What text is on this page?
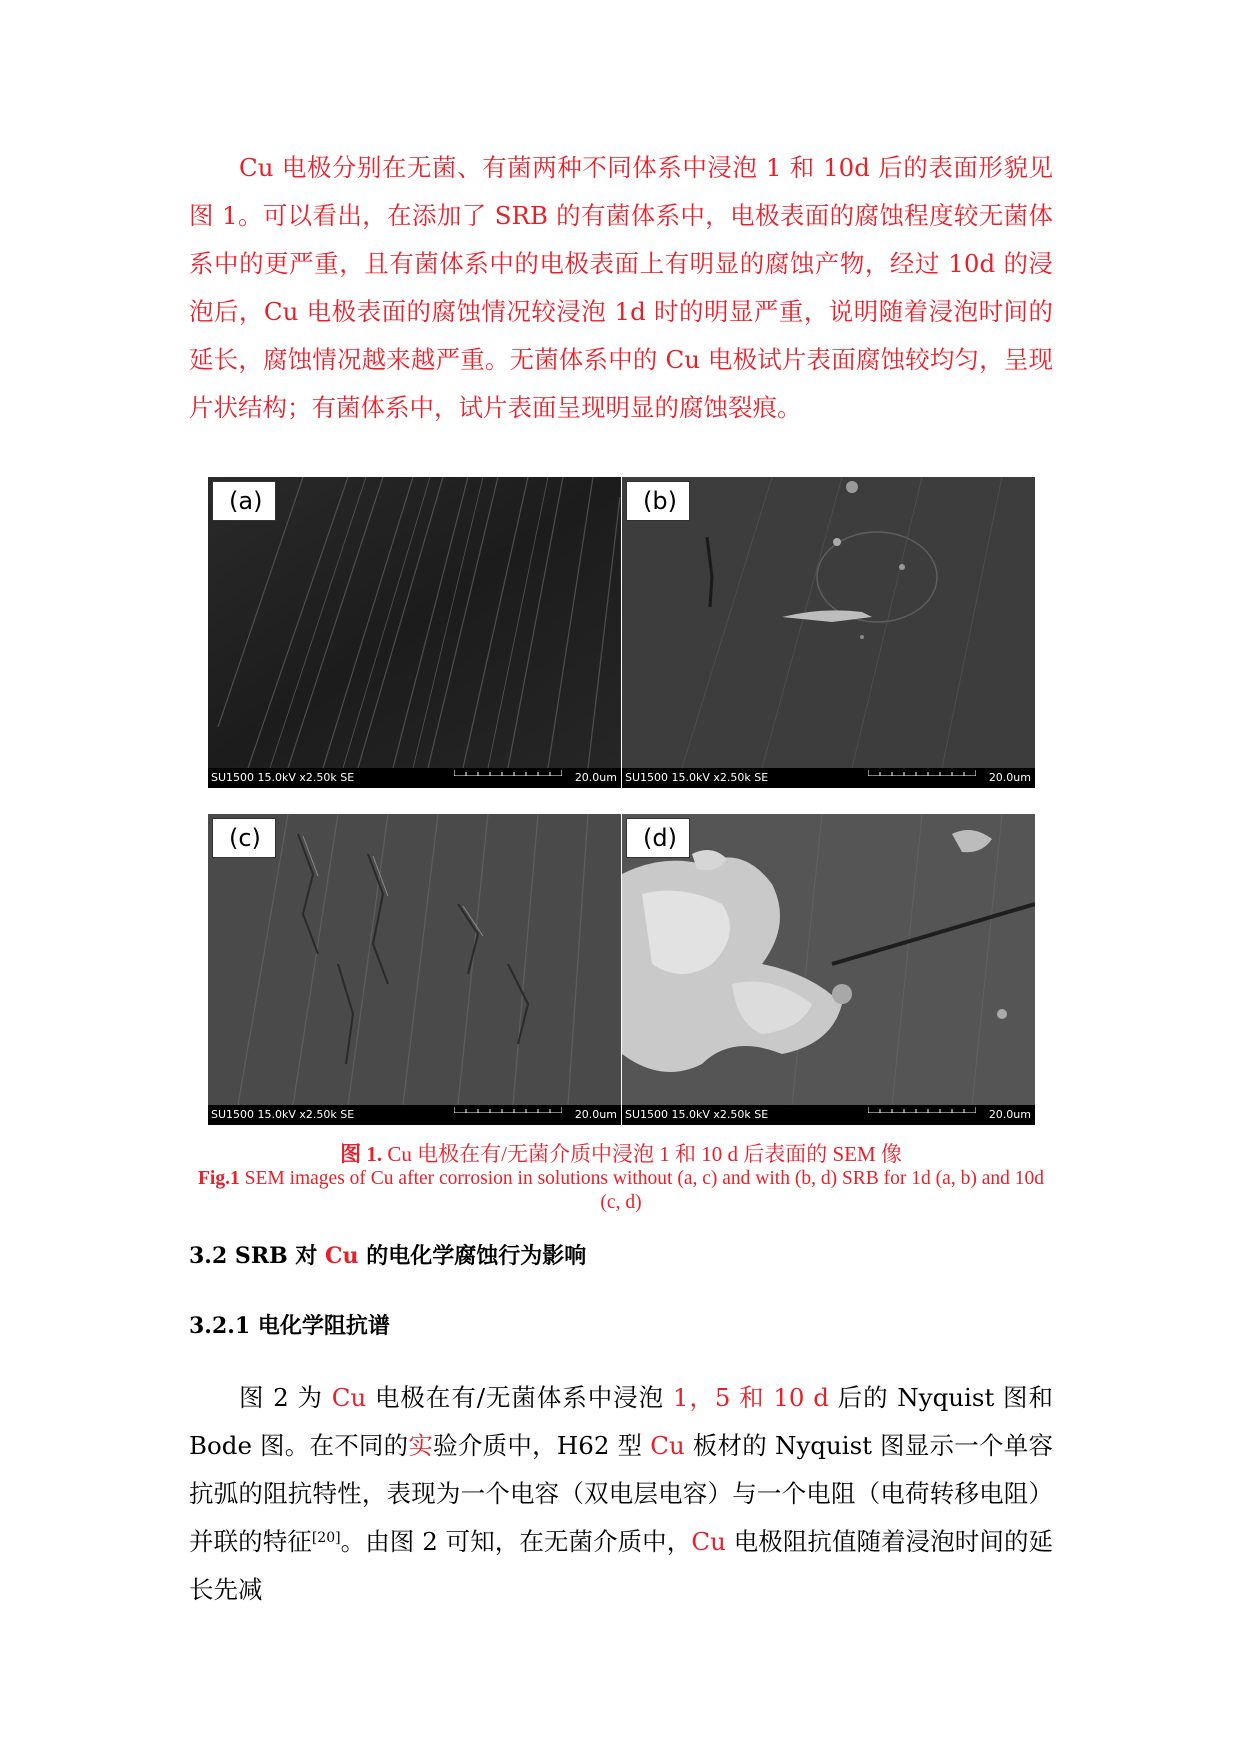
Cu 电极分别在无菌、有菌两种不同体系中浸泡 1 和 10d 后的表面形貌见图 1。可以看出，在添加了 SRB 的有菌体系中，电极表面的腐蚀程度较无菌体系中的更严重，且有菌体系中的电极表面上有明显的腐蚀产物，经过 10d 的浸泡后，Cu 电极表面的腐蚀情况较浸泡 1d 时的明显严重，说明随着浸泡时间的延长，腐蚀情况越来越严重。无菌体系中的 Cu 电极试片表面腐蚀较均匀，呈现片状结构；有菌体系中，试片表面呈现明显的腐蚀裂痕。

(a)
SU1500 15.0kV x2.50k SE	20.0um
(b)
SU1500 15.0kV x2.50k SE	20.0um
(c)
SU1500 15.0kV x2.50k SE	20.0um
(d)
SU1500 15.0kV x2.50k SE	20.0um
图 1. Cu 电极在有/无菌介质中浸泡 1 和 10 d 后表面的 SEM 像
Fig.1 SEM images of Cu after corrosion in solutions without (a, c) and with (b, d) SRB for 1d (a, b) and 10d (c, d)
3.2 SRB 对 Cu 的电化学腐蚀行为影响
3.2.1 电化学阻抗谱

图 2 为 Cu 电极在有/无菌体系中浸泡 1，5 和 10 d 后的 Nyquist 图和 Bode 图。在不同的实验介质中，H62 型 Cu 板材的 Nyquist 图显示一个单容抗弧的阻抗特性，表现为一个电容（双电层电容）与一个电阻（电荷转移电阻）并联的特征[20]。由图 2 可知，在无菌介质中，Cu 电极阻抗值随着浸泡时间的延长先减
